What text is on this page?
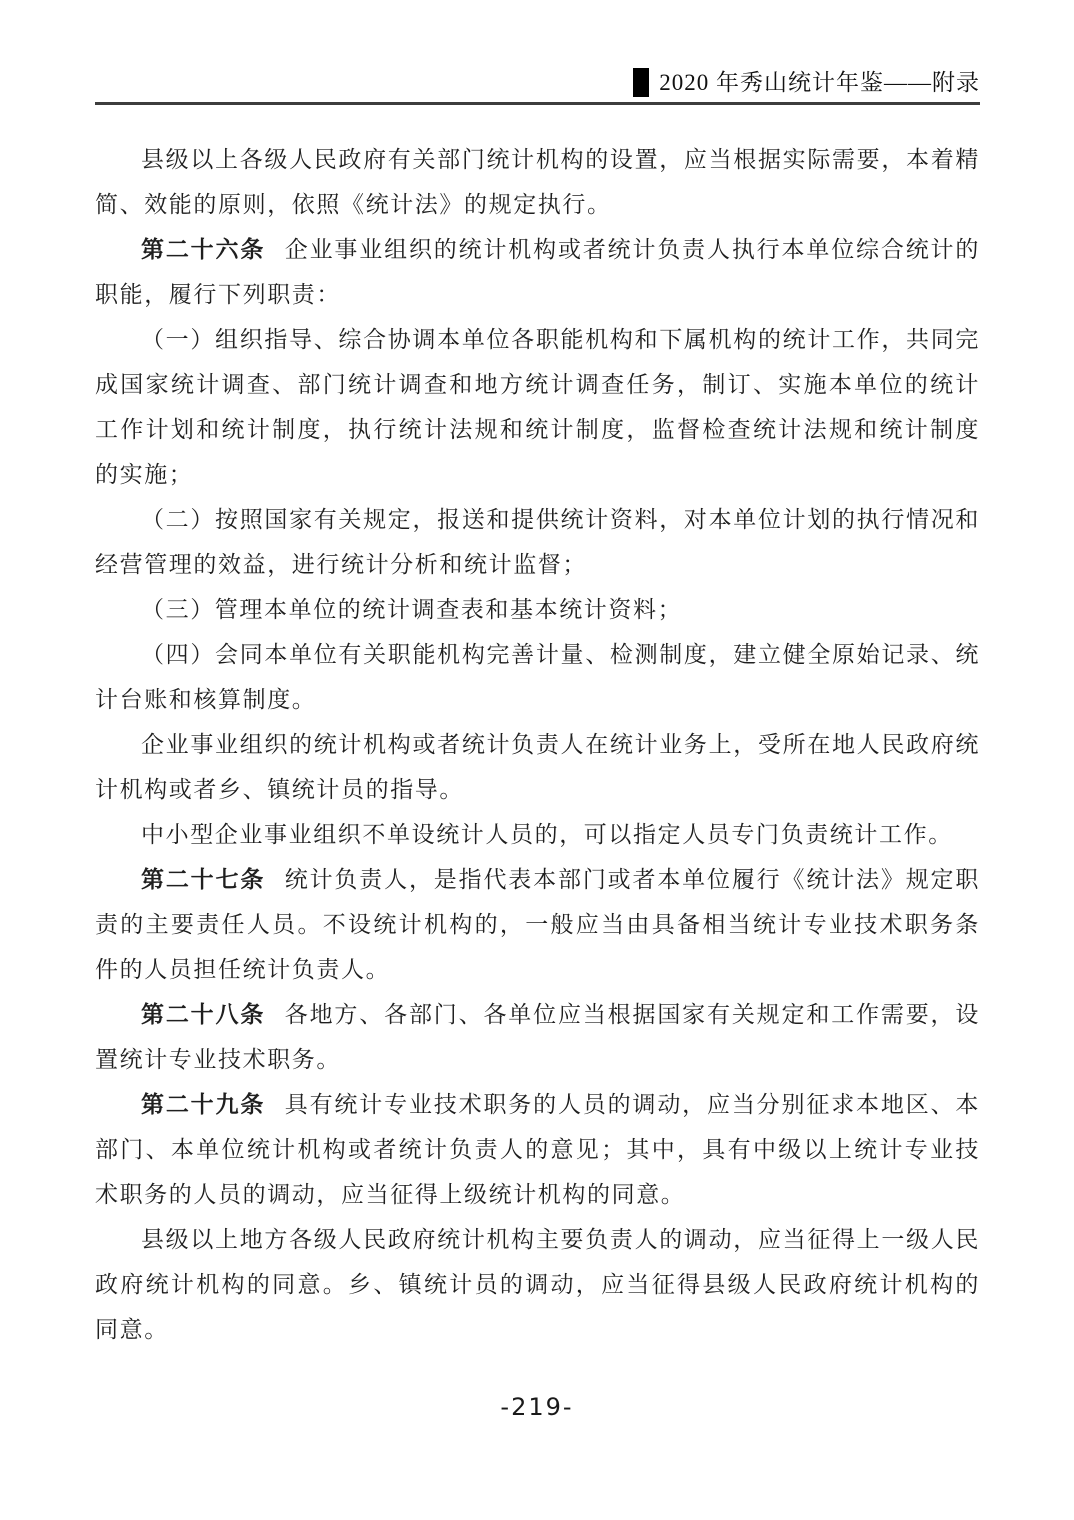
2020 年秀山统计年鉴——附录

县级以上各级人民政府有关部门统计机构的设置，应当根据实际需要，本着精简、效能的原则，依照《统计法》的规定执行。

第二十六条 企业事业组织的统计机构或者统计负责人执行本单位综合统计的职能，履行下列职责：

（一）组织指导、综合协调本单位各职能机构和下属机构的统计工作，共同完成国家统计调查、部门统计调查和地方统计调查任务，制订、实施本单位的统计工作计划和统计制度，执行统计法规和统计制度，监督检查统计法规和统计制度的实施；

（二）按照国家有关规定，报送和提供统计资料，对本单位计划的执行情况和经营管理的效益，进行统计分析和统计监督；

（三）管理本单位的统计调查表和基本统计资料；

（四）会同本单位有关职能机构完善计量、检测制度，建立健全原始记录、统计台账和核算制度。

企业事业组织的统计机构或者统计负责人在统计业务上，受所在地人民政府统计机构或者乡、镇统计员的指导。

中小型企业事业组织不单设统计人员的，可以指定人员专门负责统计工作。

第二十七条 统计负责人，是指代表本部门或者本单位履行《统计法》规定职责的主要责任人员。不设统计机构的，一般应当由具备相当统计专业技术职务条件的人员担任统计负责人。

第二十八条 各地方、各部门、各单位应当根据国家有关规定和工作需要，设置统计专业技术职务。

第二十九条 具有统计专业技术职务的人员的调动，应当分别征求本地区、本部门、本单位统计机构或者统计负责人的意见；其中，具有中级以上统计专业技术职务的人员的调动，应当征得上级统计机构的同意。

县级以上地方各级人民政府统计机构主要负责人的调动，应当征得上一级人民政府统计机构的同意。乡、镇统计员的调动，应当征得县级人民政府统计机构的同意。

-219-
